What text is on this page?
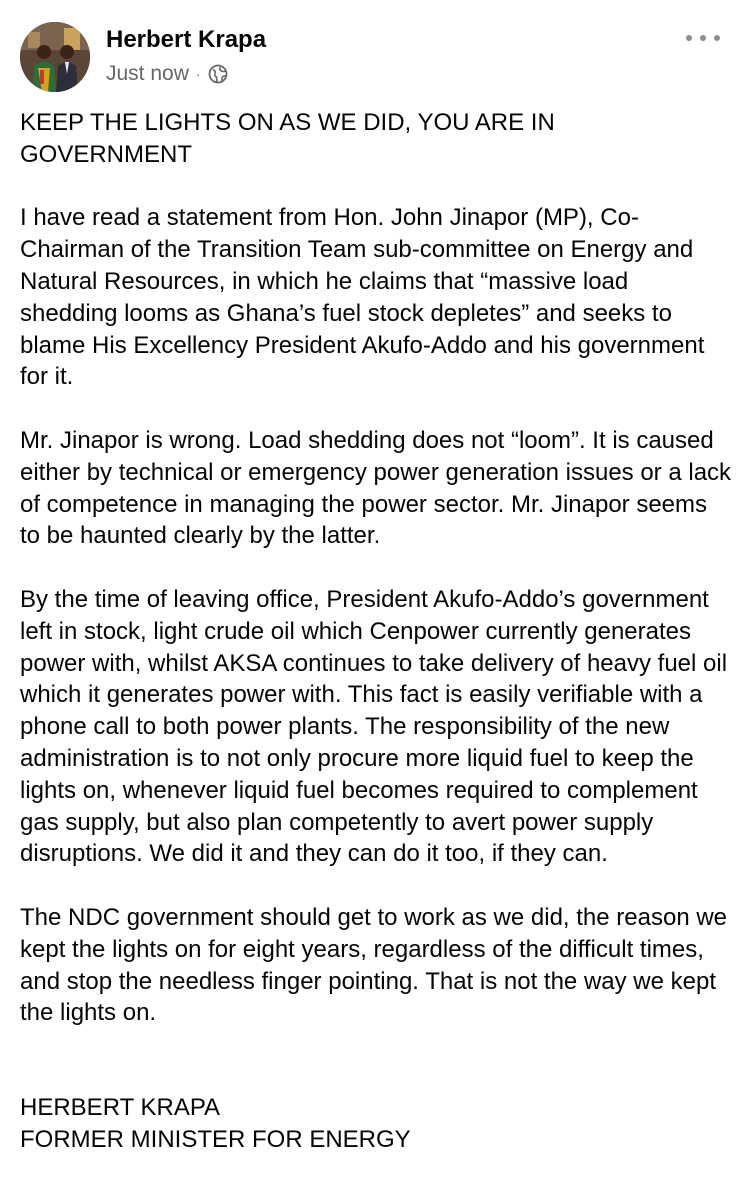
Herbert Krapa
Just now ·

KEEP THE LIGHTS ON AS WE DID, YOU ARE IN GOVERNMENT

I have read a statement from Hon. John Jinapor (MP), Co-Chairman of the Transition Team sub-committee on Energy and Natural Resources, in which he claims that “massive load shedding looms as Ghana’s fuel stock depletes” and seeks to blame His Excellency President Akufo-Addo and his government for it.

Mr. Jinapor is wrong. Load shedding does not “loom”. It is caused either by technical or emergency power generation issues or a lack of competence in managing the power sector. Mr. Jinapor seems to be haunted clearly by the latter.

By the time of leaving office, President Akufo-Addo’s government left in stock, light crude oil which Cenpower currently generates power with, whilst AKSA continues to take delivery of heavy fuel oil which it generates power with. This fact is easily verifiable with a phone call to both power plants. The responsibility of the new administration is to not only procure more liquid fuel to keep the lights on, whenever liquid fuel becomes required to complement gas supply, but also plan competently to avert power supply disruptions. We did it and they can do it too, if they can.

The NDC government should get to work as we did, the reason we kept the lights on for eight years, regardless of the difficult times, and stop the needless finger pointing. That is not the way we kept the lights on.

HERBERT KRAPA

FORMER MINISTER FOR ENERGY
